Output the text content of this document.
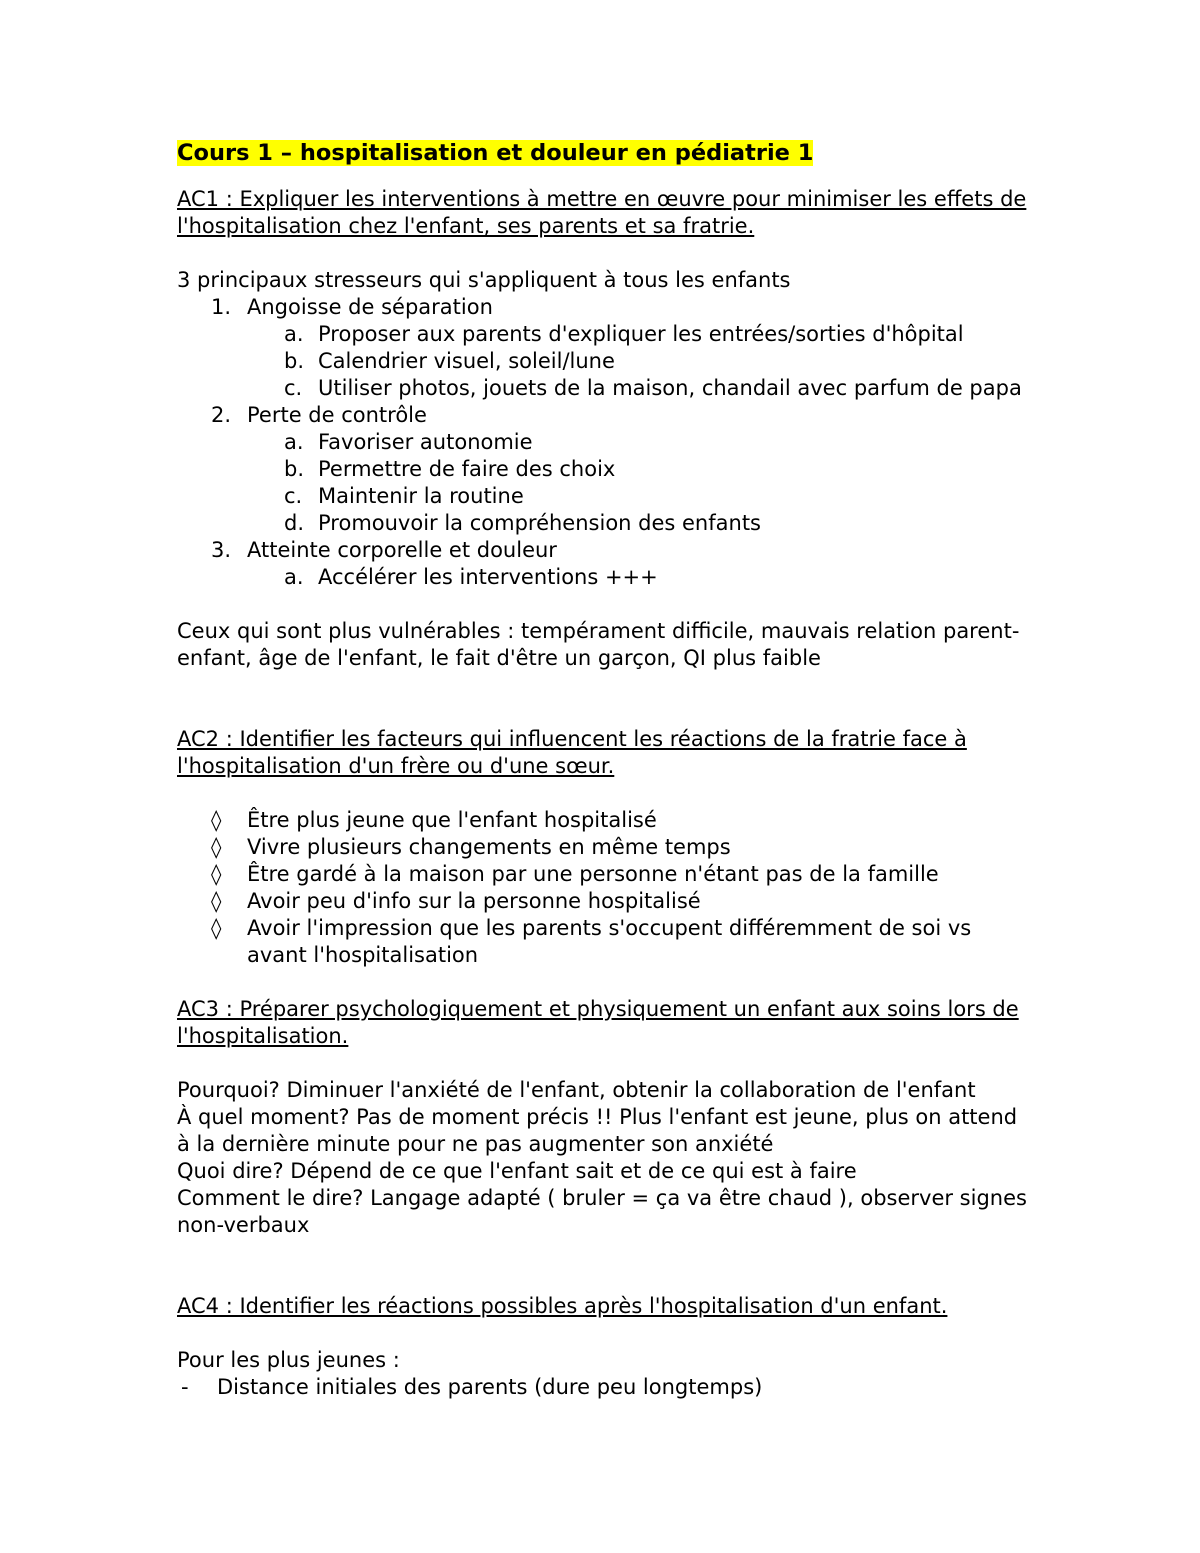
Cours 1 – hospitalisation et douleur en pédiatrie 1

AC1 : Expliquer les interventions à mettre en œuvre pour minimiser les effets de l'hospitalisation chez l'enfant, ses parents et sa fratrie.

3 principaux stresseurs qui s'appliquent à tous les enfants

1. Angoisse de séparation
a. Proposer aux parents d'expliquer les entrées/sorties d'hôpital
b. Calendrier visuel, soleil/lune
c. Utiliser photos, jouets de la maison, chandail avec parfum de papa
2. Perte de contrôle
a. Favoriser autonomie
b. Permettre de faire des choix
c. Maintenir la routine
d. Promouvoir la compréhension des enfants
3. Atteinte corporelle et douleur
a. Accélérer les interventions +++

Ceux qui sont plus vulnérables : tempérament difficile, mauvais relation parent-enfant, âge de l'enfant, le fait d'être un garçon, QI plus faible

AC2 : Identifier les facteurs qui influencent les réactions de la fratrie face à l'hospitalisation d'un frère ou d'une sœur.

◊	Être plus jeune que l'enfant hospitalisé
◊	Vivre plusieurs changements en même temps
◊	Être gardé à la maison par une personne n'étant pas de la famille
◊	Avoir peu d'info sur la personne hospitalisé
◊	Avoir l'impression que les parents s'occupent différemment de soi vs avant l'hospitalisation

AC3 : Préparer psychologiquement et physiquement un enfant aux soins lors de l'hospitalisation.

Pourquoi? Diminuer l'anxiété de l'enfant, obtenir la collaboration de l'enfant

À quel moment? Pas de moment précis !! Plus l'enfant est jeune, plus on attend à la dernière minute pour ne pas augmenter son anxiété

Quoi dire? Dépend de ce que l'enfant sait et de ce qui est à faire

Comment le dire? Langage adapté ( bruler = ça va être chaud ), observer signes non-verbaux

AC4 : Identifier les réactions possibles après l'hospitalisation d'un enfant.

Pour les plus jeunes :

-	Distance initiales des parents (dure peu longtemps)
